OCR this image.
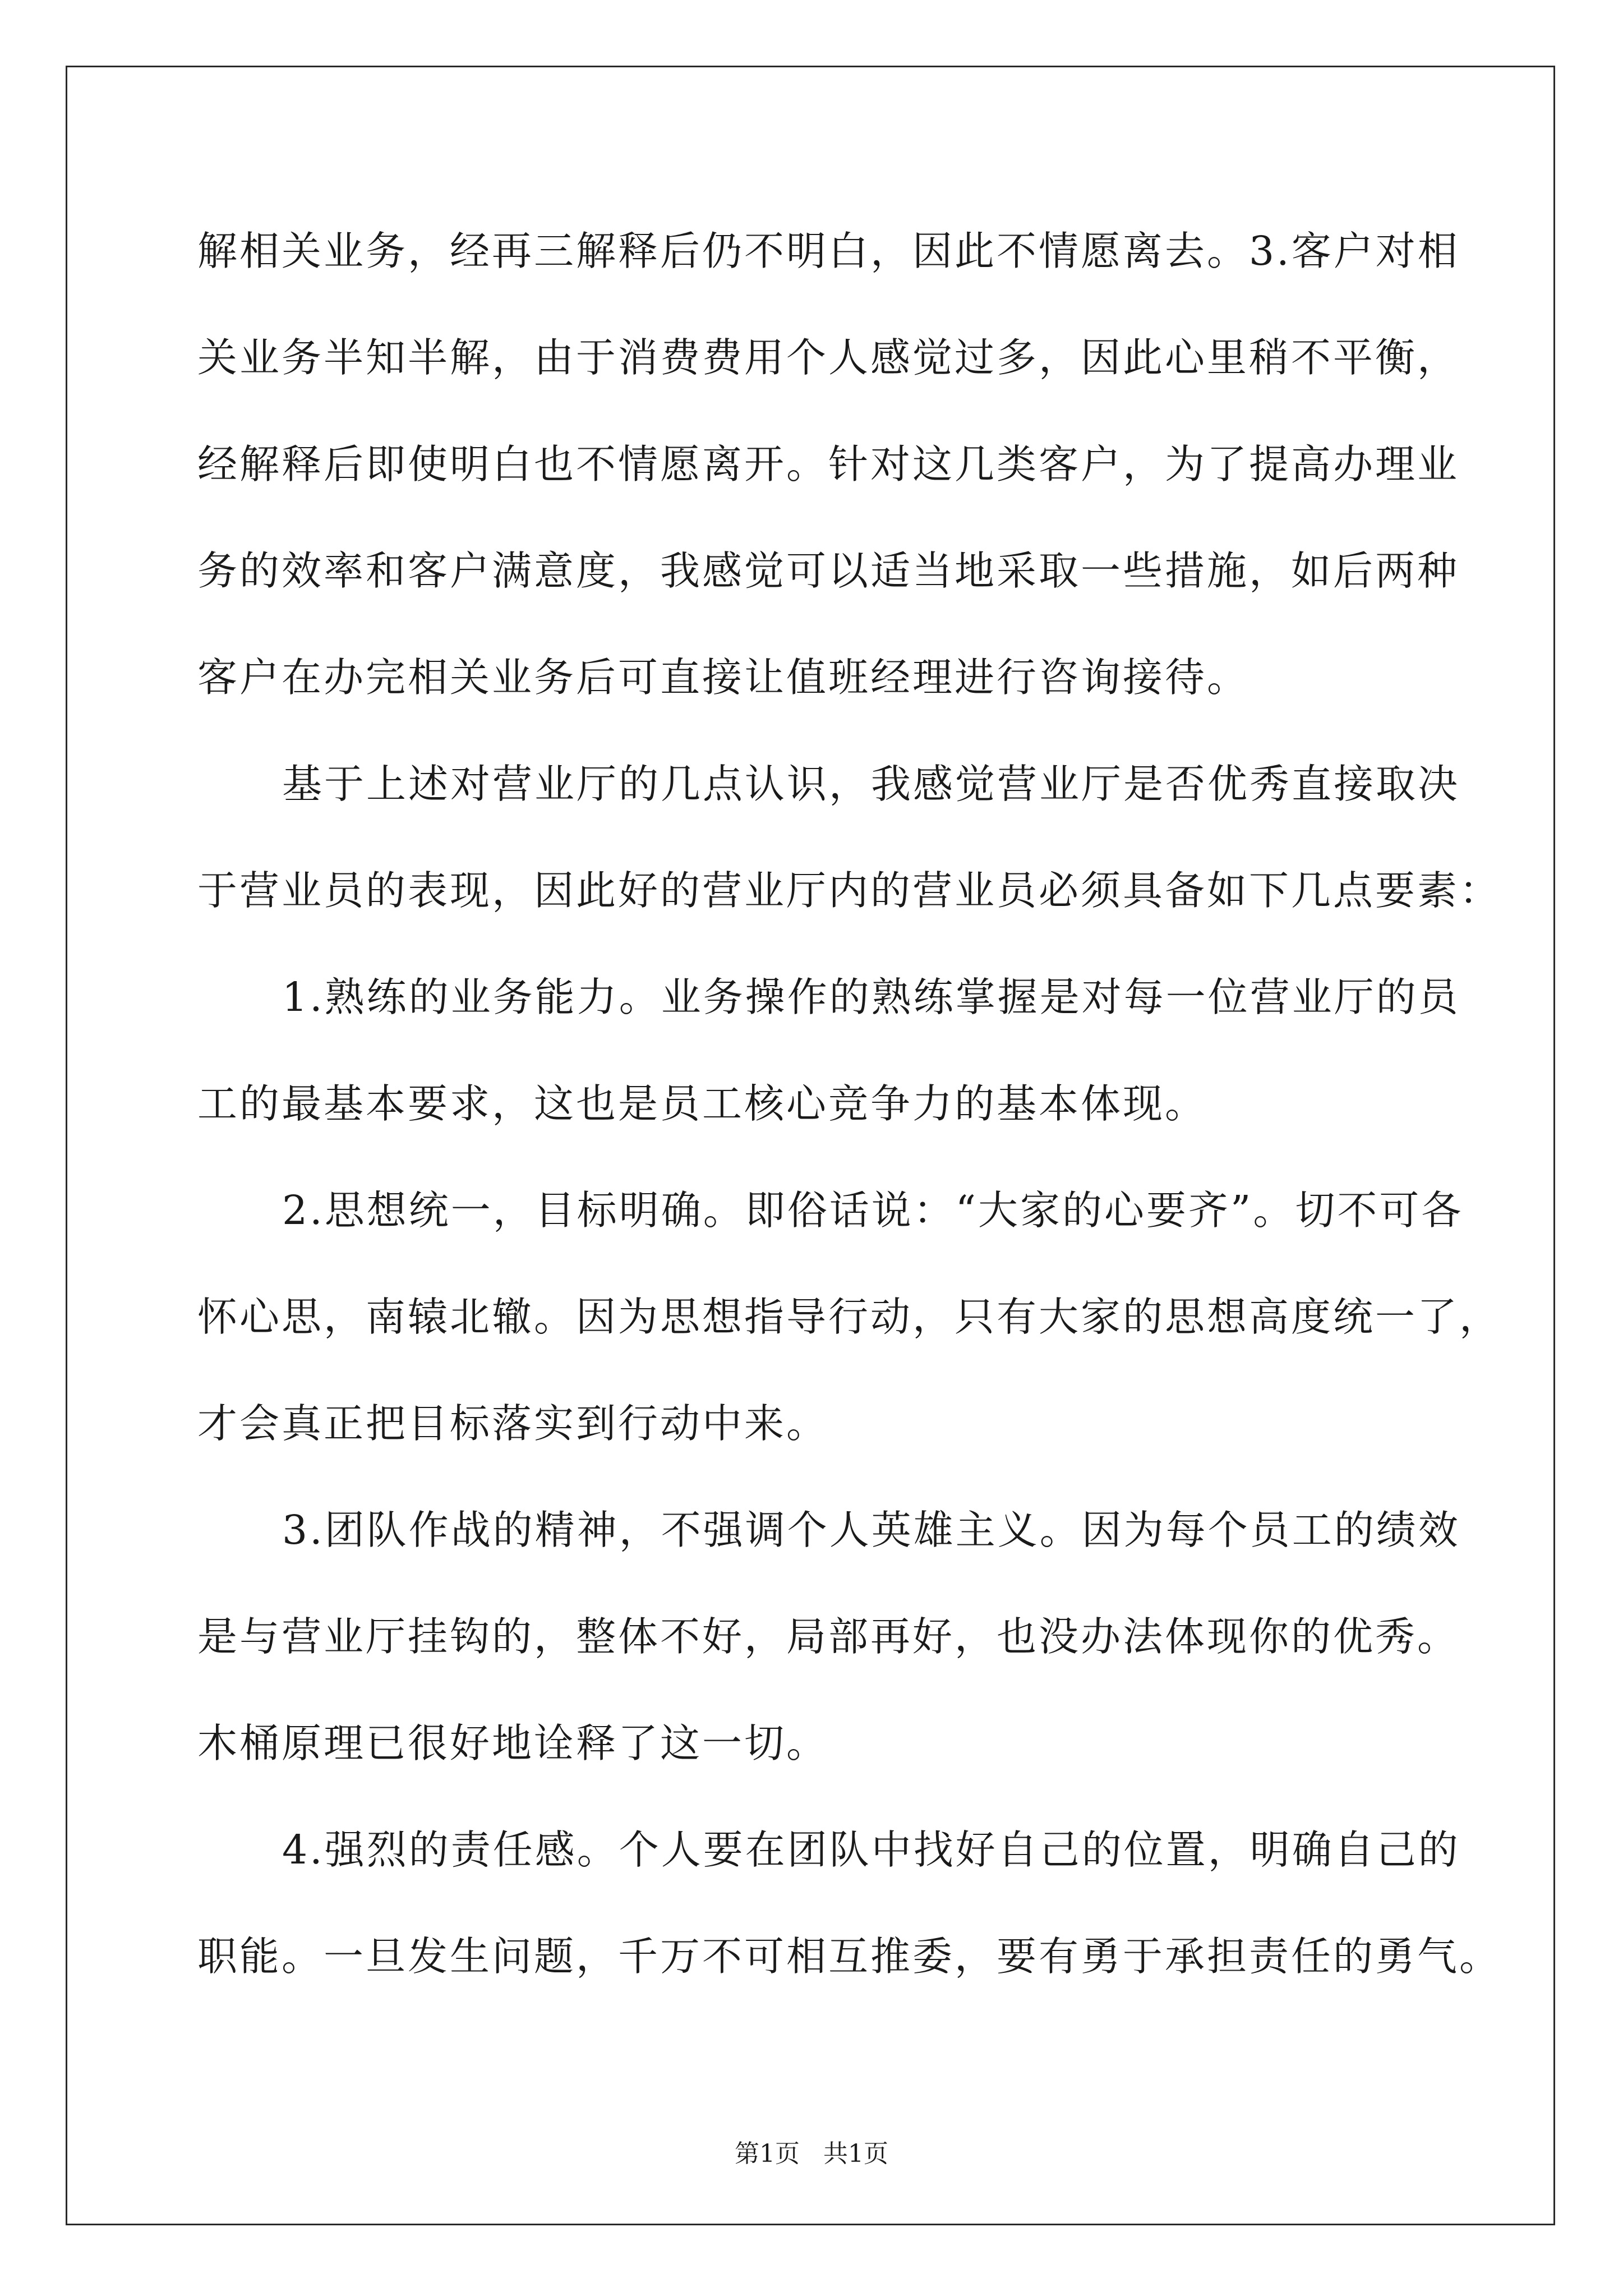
解相关业务，经再三解释后仍不明白，因此不情愿离去。3.客户对相
关业务半知半解，由于消费费用个人感觉过多，因此心里稍不平衡，
经解释后即使明白也不情愿离开。针对这几类客户，为了提高办理业
务的效率和客户满意度，我感觉可以适当地采取一些措施，如后两种
客户在办完相关业务后可直接让值班经理进行咨询接待。
基于上述对营业厅的几点认识，我感觉营业厅是否优秀直接取决
于营业员的表现，因此好的营业厅内的营业员必须具备如下几点要素：
1.熟练的业务能力。业务操作的熟练掌握是对每一位营业厅的员
工的最基本要求，这也是员工核心竞争力的基本体现。
2.思想统一，目标明确。即俗话说：“大家的心要齐”。切不可各
怀心思，南辕北辙。因为思想指导行动，只有大家的思想高度统一了，
才会真正把目标落实到行动中来。
3.团队作战的精神，不强调个人英雄主义。因为每个员工的绩效
是与营业厅挂钩的，整体不好，局部再好，也没办法体现你的优秀。
木桶原理已很好地诠释了这一切。
4.强烈的责任感。个人要在团队中找好自己的位置，明确自己的
职能。一旦发生问题，千万不可相互推委，要有勇于承担责任的勇气。
第1页   共1页
